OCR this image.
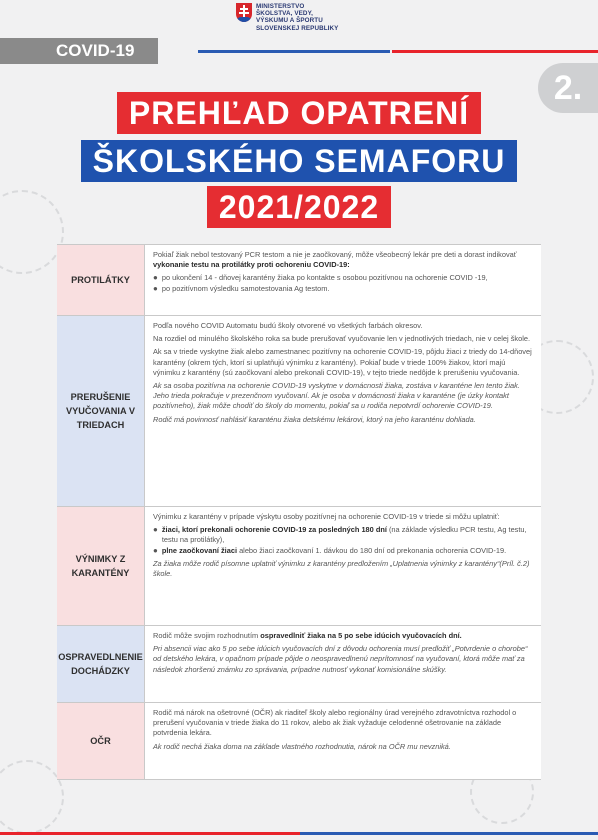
MINISTERSTVO
ŠKOLSTVA, VEDY,
VÝSKUMU A ŠPORTU
SLOVENSKEJ REPUBLIKY
COVID-19
2.
PREHĽAD OPATRENÍ
ŠKOLSKÉHO SEMAFORU
2021/2022
PROTILÁTKY

Pokiaľ žiak nebol testovaný PCR testom a nie je zaočkovaný, môže všeobecný lekár pre deti a dorast indikovať vykonanie testu na protilátky proti ochoreniu COVID-19:

● po ukončení 14 - dňovej karantény žiaka po kontakte s osobou pozitívnou na ochorenie COVID -19,
● po pozitívnom výsledku samotestovania Ag testom.
PRERUŠENIE VYUČOVANIA V TRIEDACH

Podľa nového COVID Automatu budú školy otvorené vo všetkých farbách okresov.

Na rozdiel od minulého školského roka sa bude prerušovať vyučovanie len v jednotlivých triedach, nie v celej škole.

Ak sa v triede vyskytne žiak alebo zamestnanec pozitívny na ochorenie COVID-19, pôjdu žiaci z triedy do 14-dňovej karantény (okrem tých, ktorí si uplatňujú výnimku z karantény). Pokiaľ bude v triede 100% žiakov, ktorí majú výnimku z karantény (sú zaočkovaní alebo prekonali COVID-19), v tejto triede nedôjde k prerušeniu vyučovania.

Ak sa osoba pozitívna na ochorenie COVID-19 vyskytne v domácnosti žiaka, zostáva v karanténe len tento žiak. Jeho trieda pokračuje v prezenčnom vyučovaní. Ak je osoba v domácnosti žiaka v karanténe (je úzky kontakt pozitívneho), žiak môže chodiť do školy do momentu, pokiaľ sa u rodiča nepotvrdí ochorenie COVID-19.

Rodič má povinnosť nahlásiť karanténu žiaka detskému lekárovi, ktorý na jeho karanténu dohliada.

VÝNIMKY Z KARANTÉNY

Výnimku z karantény v prípade výskytu osoby pozitívnej na ochorenie COVID-19 v triede si môžu uplatniť:

● žiaci, ktorí prekonali ochorenie COVID-19 za posledných 180 dní (na základe výsledku PCR testu, Ag testu, testu na protilátky),
● plne zaočkovaní žiaci alebo žiaci zaočkovaní 1. dávkou do 180 dní od prekonania ochorenia COVID-19.

Za žiaka môže rodič písomne uplatniť výnimku z karantény predložením „Uplatnenia výnimky z karantény“(Príl. č.2) škole.

OSPRAVEDLNENIE DOCHÁDZKY

Rodič môže svojim rozhodnutím ospravedlniť žiaka na 5 po sebe idúcich vyučovacích dní.

Pri absencii viac ako 5 po sebe idúcich vyučovacích dní z dôvodu ochorenia musí predložiť „Potvrdenie o chorobe“ od detského lekára, v opačnom prípade pôjde o neospravedlnenú neprítomnosť na vyučovaní, ktorá môže mať za následok zhoršenú známku zo správania, prípadne nutnosť vykonať komisionálne skúšky.

OČR

Rodič má nárok na ošetrovné (OČR) ak riaditeľ školy alebo regionálny úrad verejného zdravotníctva rozhodol o prerušení vyučovania v triede žiaka do 11 rokov, alebo ak žiak vyžaduje celodenné ošetrovanie na základe potvrdenia lekára.

Ak rodič nechá žiaka doma na základe vlastného rozhodnutia, nárok na OČR mu nevzniká.
